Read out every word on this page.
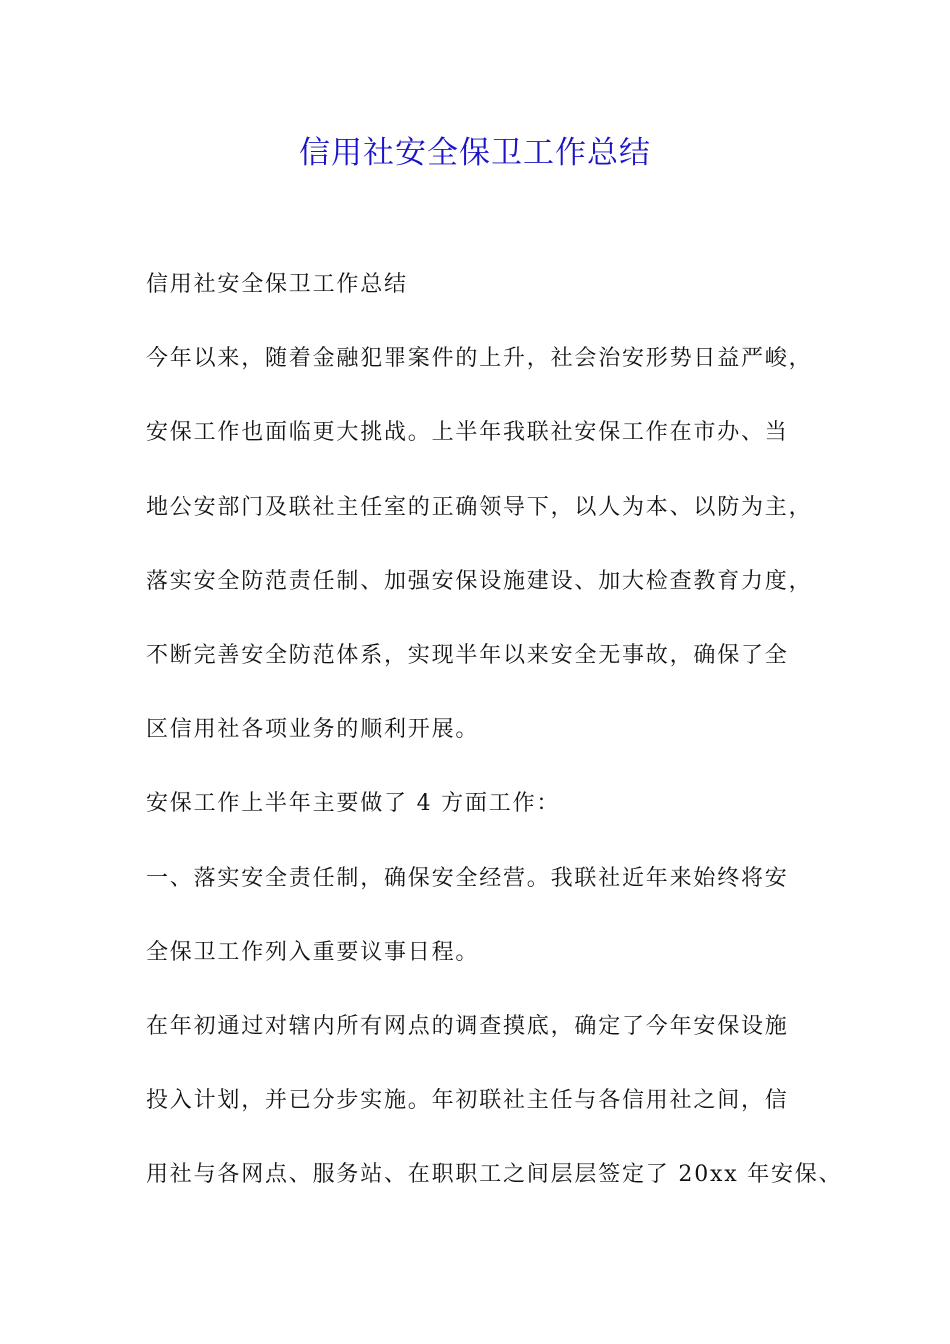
信用社安全保卫工作总结
信用社安全保卫工作总结
今年以来，随着金融犯罪案件的上升，社会治安形势日益严峻，
安保工作也面临更大挑战。上半年我联社安保工作在市办、当
地公安部门及联社主任室的正确领导下，以人为本、以防为主，
落实安全防范责任制、加强安保设施建设、加大检查教育力度，
不断完善安全防范体系，实现半年以来安全无事故，确保了全
区信用社各项业务的顺利开展。
安保工作上半年主要做了 4 方面工作：
一、落实安全责任制，确保安全经营。我联社近年来始终将安
全保卫工作列入重要议事日程。
在年初通过对辖内所有网点的调查摸底，确定了今年安保设施
投入计划，并已分步实施。年初联社主任与各信用社之间，信
用社与各网点、服务站、在职职工之间层层签定了 20xx 年安保、
